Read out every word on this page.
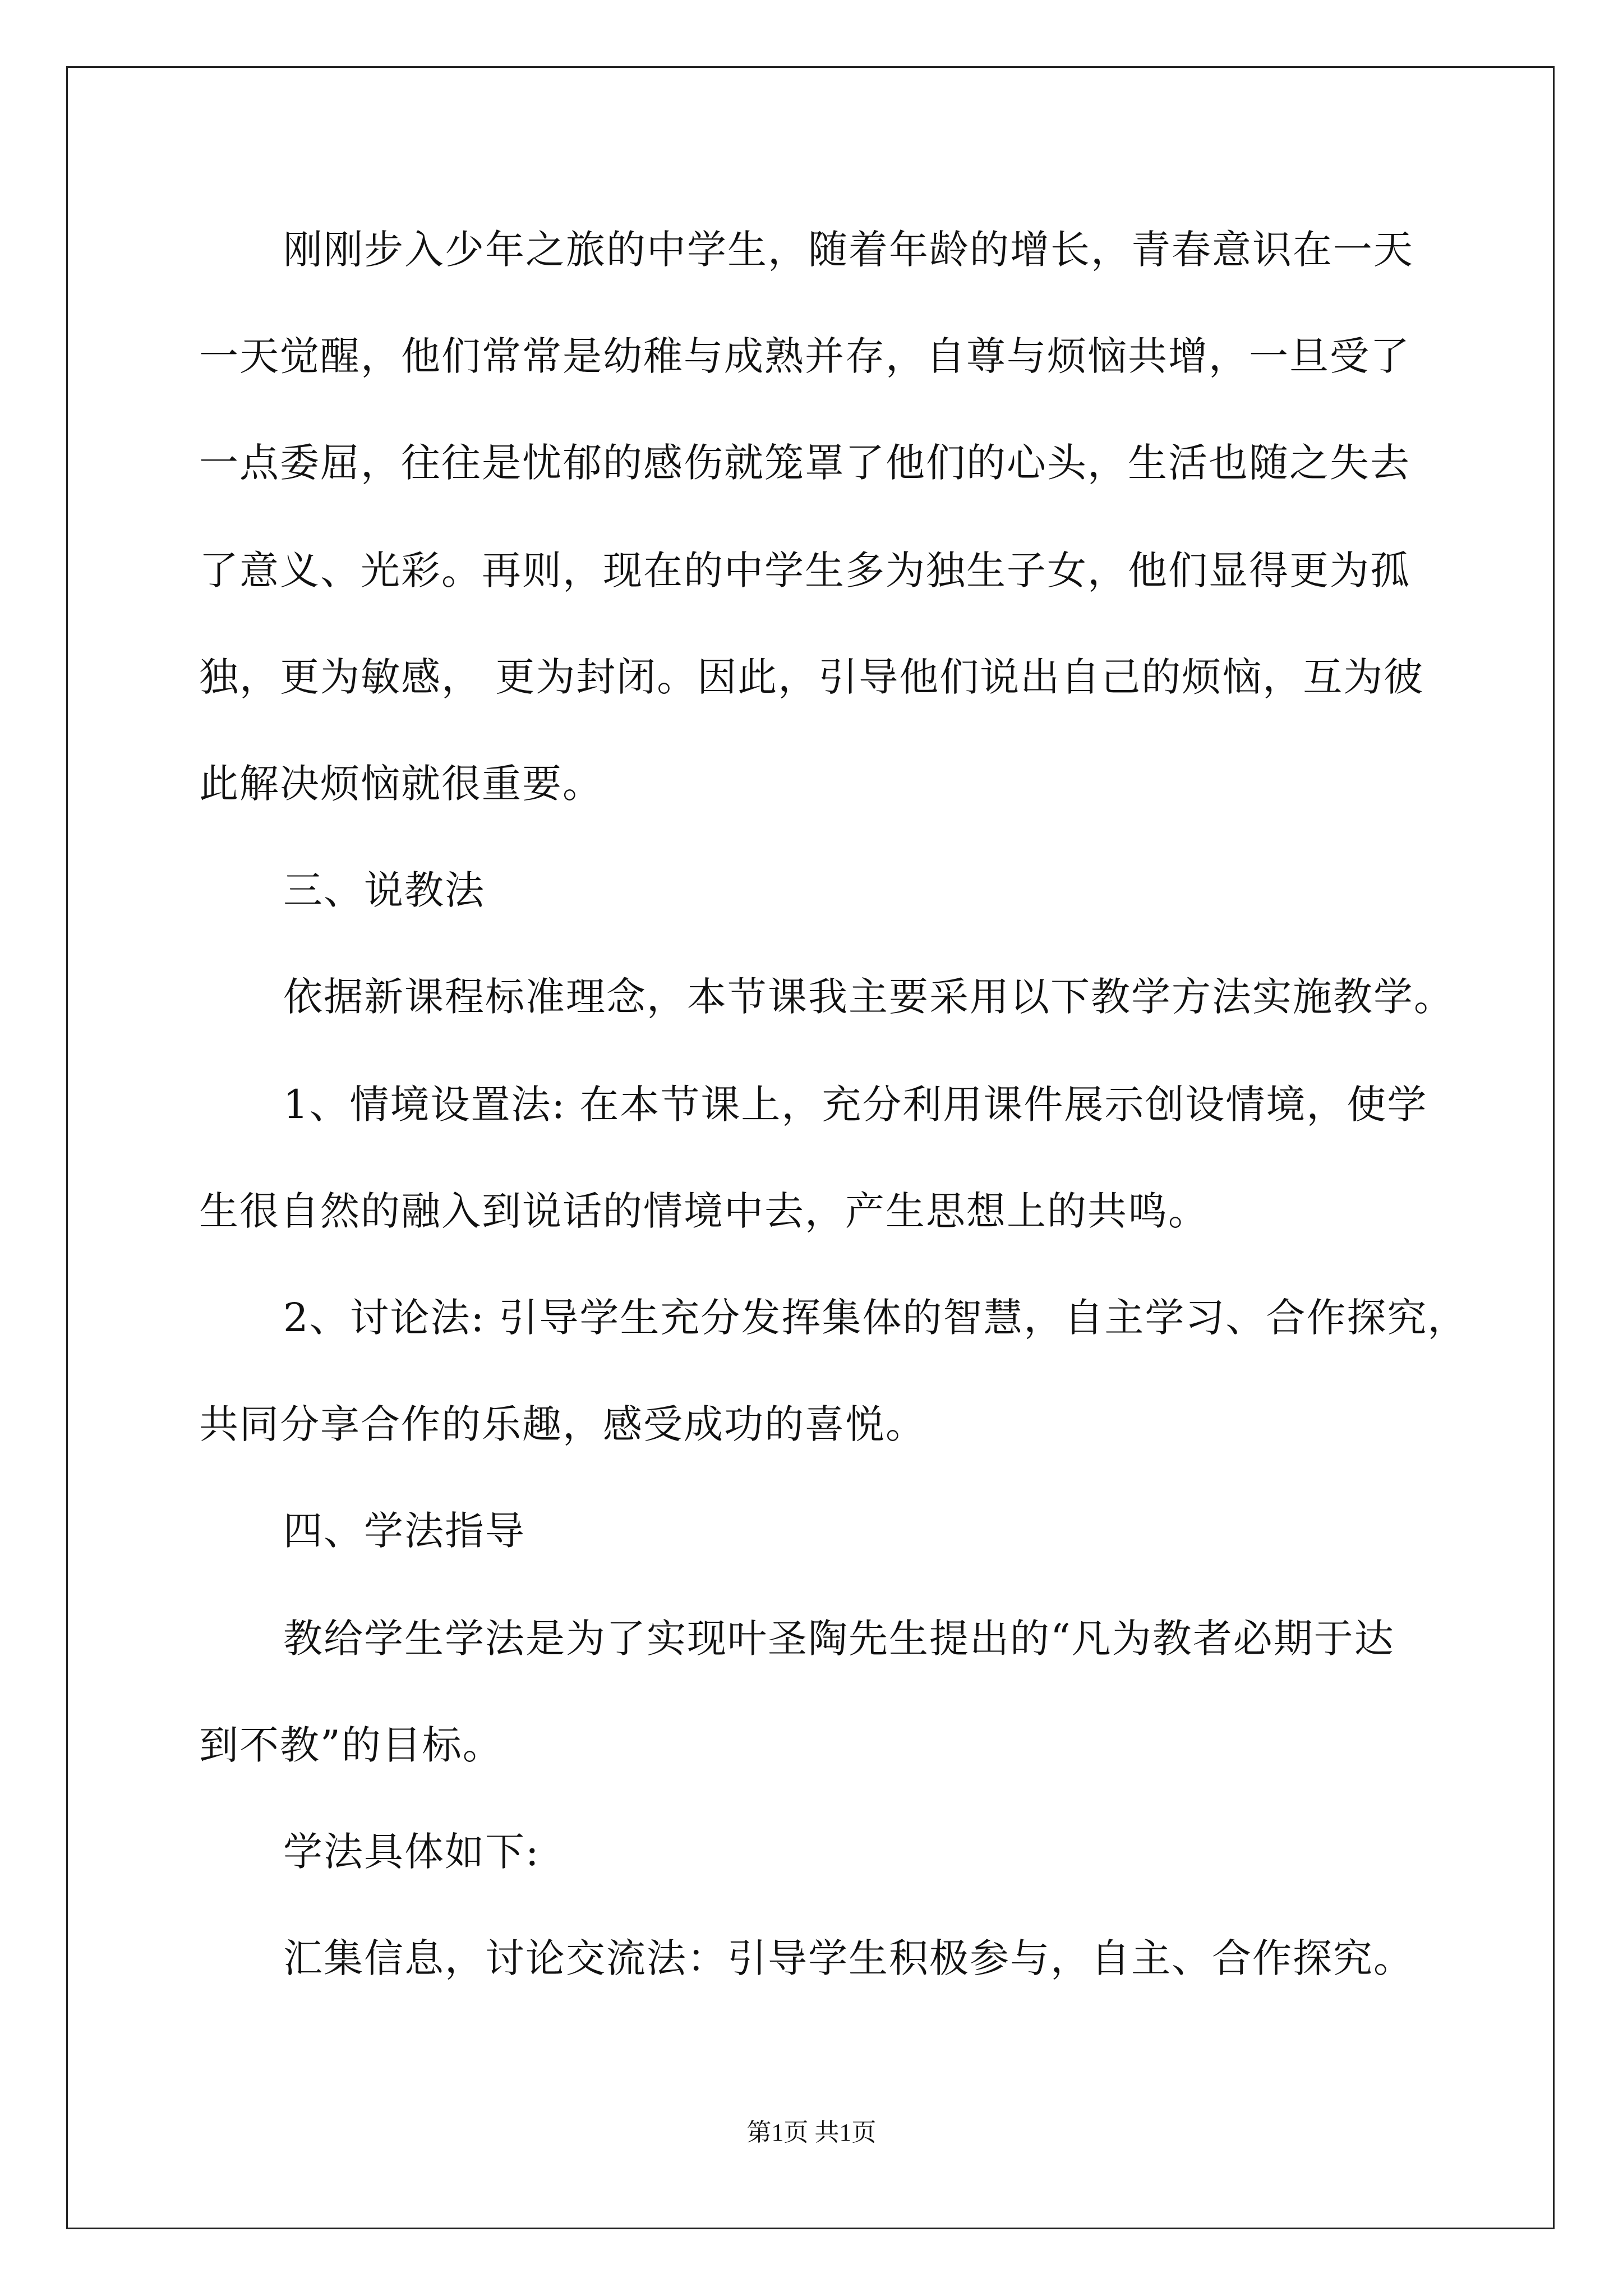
刚刚步入少年之旅的中学生，随着年龄的增长，青春意识在一天
一天觉醒，他们常常是幼稚与成熟并存，自尊与烦恼共增，一旦受了
一点委屈，往往是忧郁的感伤就笼罩了他们的心头，生活也随之失去
了意义、光彩。再则，现在的中学生多为独生子女，他们显得更为孤
独，更为敏感， 更为封闭。因此，引导他们说出自己的烦恼，互为彼
此解决烦恼就很重要。
三、说教法
依据新课程标准理念，本节课我主要采用以下教学方法实施教学。
1、情境设置法: 在本节课上，充分利用课件展示创设情境，使学
生很自然的融入到说话的情境中去，产生思想上的共鸣。
2、讨论法: 引导学生充分发挥集体的智慧，自主学习、合作探究，
共同分享合作的乐趣，感受成功的喜悦。
四、学法指导
教给学生学法是为了实现叶圣陶先生提出的“凡为教者必期于达
到不教”的目标。
学法具体如下:
汇集信息，讨论交流法：引导学生积极参与，自主、合作探究。
第1页 共1页
